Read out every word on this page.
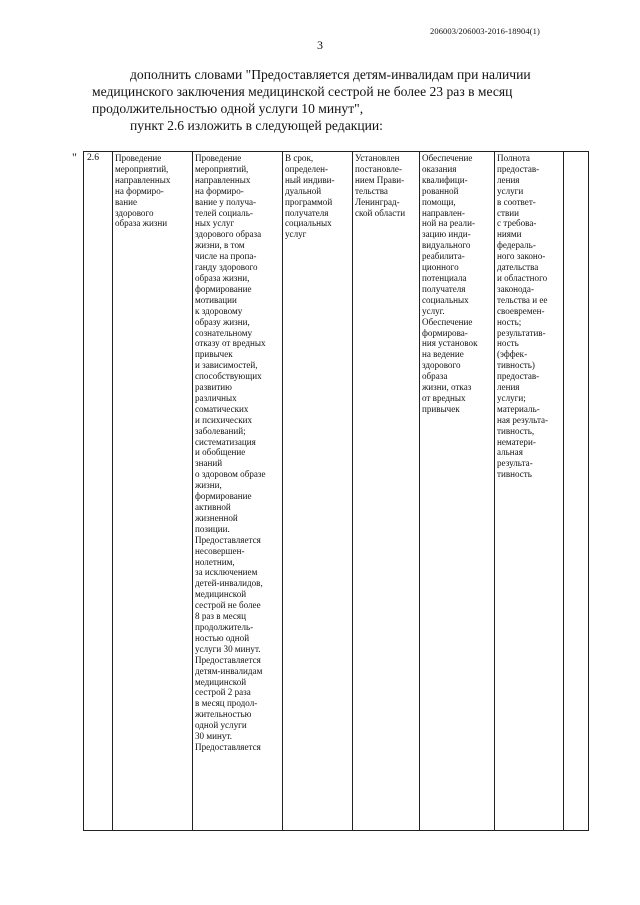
206003/206003-2016-18904(1)
3

дополнить словами "Предоставляется детям-инвалидам при наличии
медицинского заключения медицинской сестрой не более 23 раз в месяц
продолжительностью одной услуги 10 минут",

пункт 2.6 изложить в следующей редакции:

" 2.6	Проведение
мероприятий,
направленных
на формиро-
вание
здорового
образа жизни
Проведение
мероприятий,
направленных
на формиро-
вание у получа-
телей социаль-
ных услуг
здорового образа
жизни, в том
числе на пропа-
ганду здорового
образа жизни,
формирование
мотивации
к здоровому
образу жизни,
сознательному
отказу от вредных
привычек
и зависимостей,
способствующих
развитию
различных
соматических
и психических
заболеваний;
систематизация
и обобщение
знаний
о здоровом образе
жизни,
формирование
активной
жизненной
позиции.
Предоставляется
несовершен-
нолетним,
за исключением
детей-инвалидов,
медицинской
сестрой не более
8 раз в месяц
продолжитель-
ностью одной
услуги 30 минут.
Предоставляется
детям-инвалидам
медицинской
сестрой 2 раза
в месяц продол-
жительностью
одной услуги
30 минут.
Предоставляется
В срок,
определен-
ный индиви-
дуальной
программой
получателя
социальных
услуг
Установлен
постановле-
нием Прави-
тельства
Ленинград-
ской области
Обеспечение
оказания
квалифици-
рованной
помощи,
направлен-
ной на реали-
зацию инди-
видуального
реабилита-
ционного
потенциала
получателя
социальных
услуг.
Обеспечение
формирова-
ния установок
на ведение
здорового
образа
жизни, отказ
от вредных
привычек
Полнота
предостав-
ления
услуги
в соответ-
ствии
с требова-
ниями
федераль-
ного законо-
дательства
и областного
законода-
тельства и ее
своевремен-
ность;
результатив-
ность
(эффек-
тивность)
предостав-
ления
услуги;
материаль-
ная результа-
тивность,
нематери-
альная
результа-
тивность
